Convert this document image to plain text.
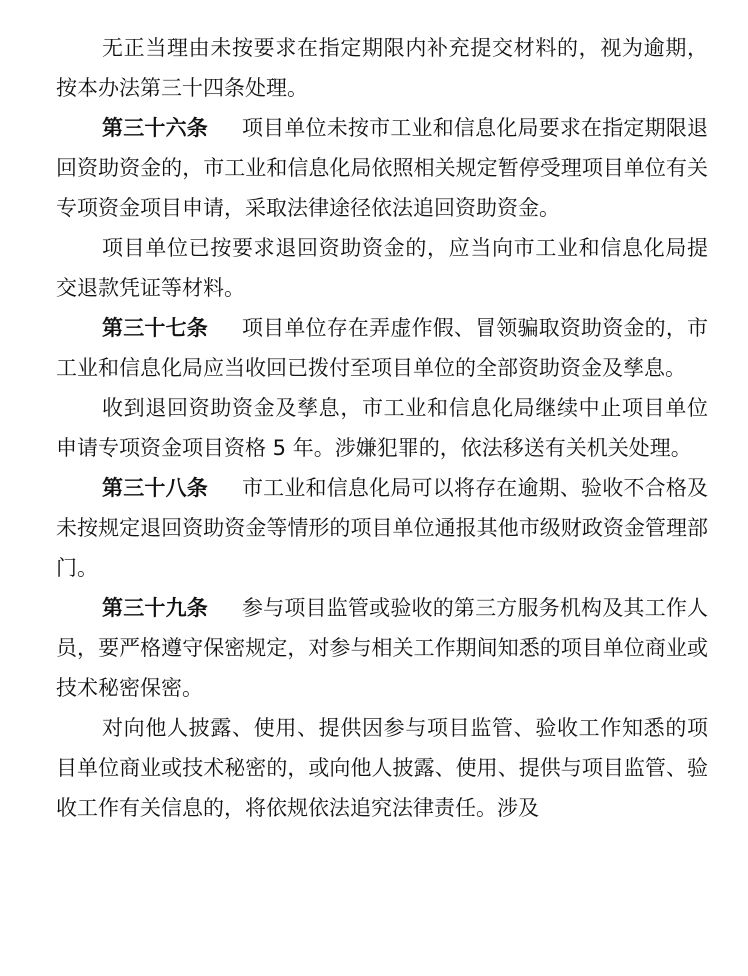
无正当理由未按要求在指定期限内补充提交材料的，视为逾期，按本办法第三十四条处理。

第三十六条 项目单位未按市工业和信息化局要求在指定期限退回资助资金的，市工业和信息化局依照相关规定暂停受理项目单位有关专项资金项目申请，采取法律途径依法追回资助资金。

项目单位已按要求退回资助资金的，应当向市工业和信息化局提交退款凭证等材料。

第三十七条 项目单位存在弄虚作假、冒领骗取资助资金的，市工业和信息化局应当收回已拨付至项目单位的全部资助资金及孳息。

收到退回资助资金及孳息，市工业和信息化局继续中止项目单位申请专项资金项目资格 5 年。涉嫌犯罪的，依法移送有关机关处理。

第三十八条 市工业和信息化局可以将存在逾期、验收不合格及未按规定退回资助资金等情形的项目单位通报其他市级财政资金管理部门。

第三十九条 参与项目监管或验收的第三方服务机构及其工作人员，要严格遵守保密规定，对参与相关工作期间知悉的项目单位商业或技术秘密保密。

对向他人披露、使用、提供因参与项目监管、验收工作知悉的项目单位商业或技术秘密的，或向他人披露、使用、提供与项目监管、验收工作有关信息的，将依规依法追究法律责任。涉及
